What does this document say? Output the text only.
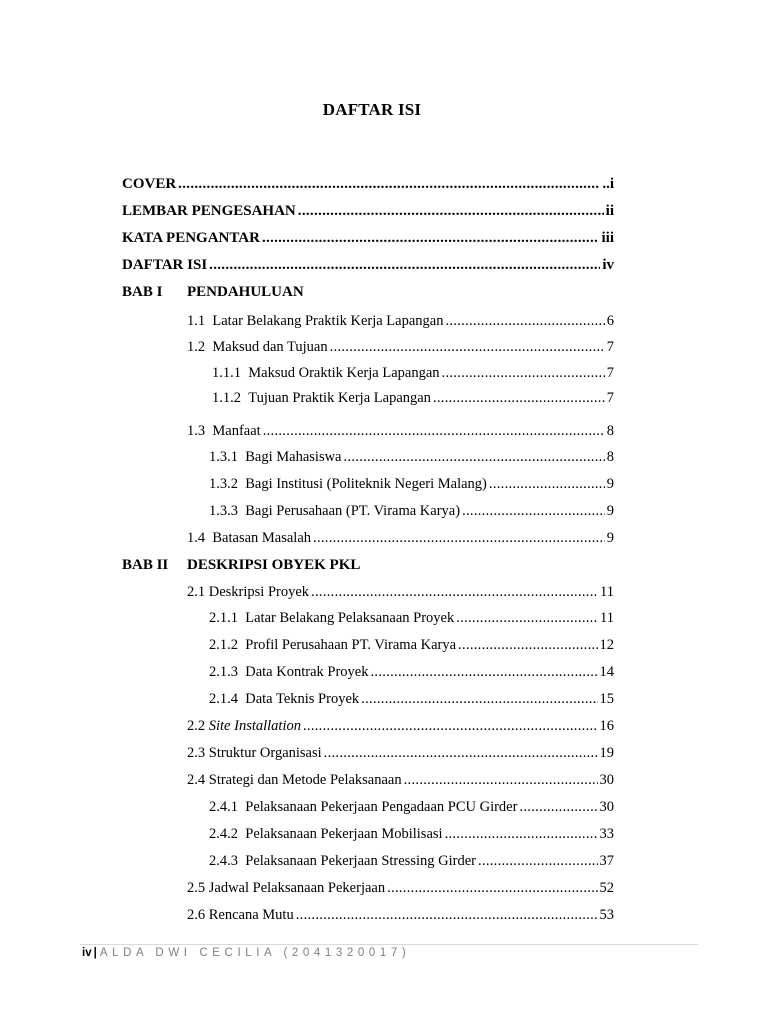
DAFTAR ISI
COVER .....	..i
LEMBAR PENGESAHAN .....	ii
KATA PENGANTAR .....	iii
DAFTAR ISI .....	iv
BAB I PENDAHULUAN
1.1 Latar Belakang Praktik Kerja Lapangan .....	6
1.2 Maksud dan Tujuan .....	7
1.1.1 Maksud Oraktik Kerja Lapangan .....	7
1.1.2 Tujuan Praktik Kerja Lapangan .....	7
1.3 Manfaat .....	8
1.3.1 Bagi Mahasiswa .....	8
1.3.2 Bagi Institusi (Politeknik Negeri Malang) .....	9
1.3.3 Bagi Perusahaan (PT. Virama Karya) .....	9
1.4 Batasan Masalah .....	9
BAB II DESKRIPSI OBYEK PKL
2.1 Deskripsi Proyek .....	11
2.1.1 Latar Belakang Pelaksanaan Proyek .....	11
2.1.2 Profil Perusahaan PT. Virama Karya .....	12
2.1.3 Data Kontrak Proyek .....	14
2.1.4 Data Teknis Proyek .....	15
2.2 Site Installation .....	16
2.3 Struktur Organisasi .....	19
2.4 Strategi dan Metode Pelaksanaan .....	30
2.4.1 Pelaksanaan Pekerjaan Pengadaan PCU Girder .....	30
2.4.2 Pelaksanaan Pekerjaan Mobilisasi .....	33
2.4.3 Pelaksanaan Pekerjaan Stressing Girder .....	37
2.5 Jadwal Pelaksanaan Pekerjaan .....	52
2.6 Rencana Mutu .....	53
iv | ALDA DWI CECILIA (2041320017)
